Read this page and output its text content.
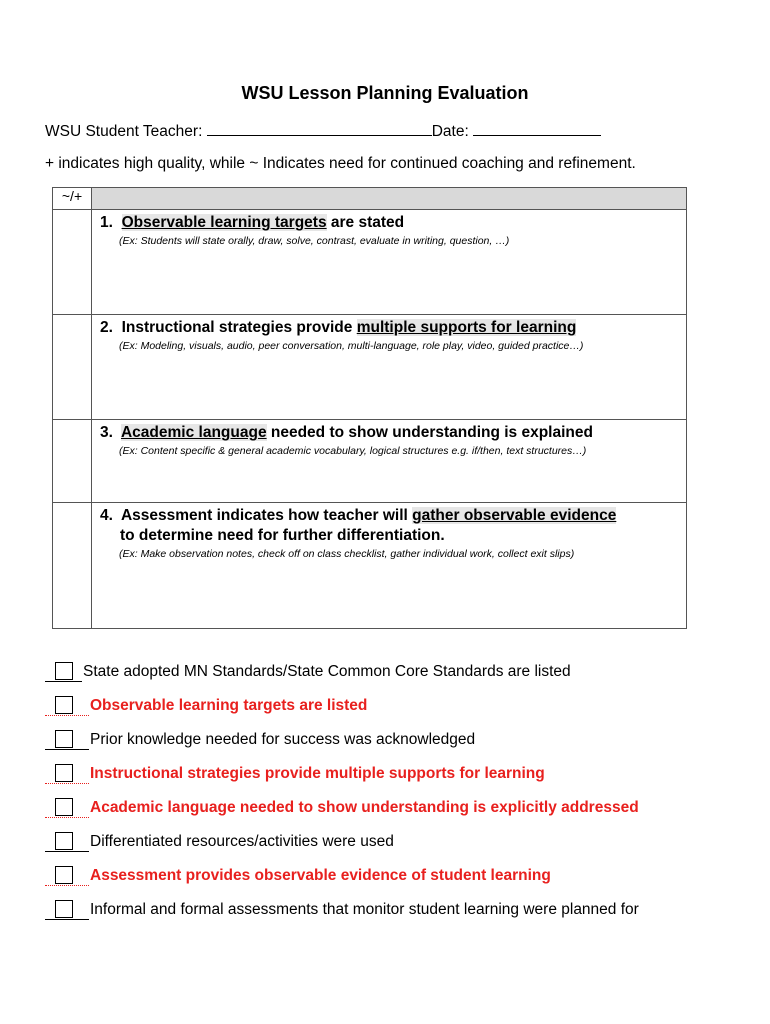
WSU Lesson Planning Evaluation
WSU Student Teacher:	Date:
+ indicates high quality, while ~ Indicates need for continued coaching and refinement.
~/+	

	1. Observable learning targets are stated
(Ex: Students will state orally, draw, solve, contrast, evaluate in writing, question, …)

	2. Instructional strategies provide multiple supports for learning
(Ex: Modeling, visuals, audio, peer conversation, multi-language, role play, video, guided practice…)

	3. Academic language needed to show understanding is explained
(Ex: Content specific & general academic vocabulary, logical structures e.g. if/then, text structures…)

	4. Assessment indicates how teacher will gather observable evidence
to determine need for further differentiation.
(Ex: Make observation notes, check off on class checklist, gather individual work, collect exit slips)
State adopted MN Standards/State Common Core Standards are listed
Observable learning targets are listed
Prior knowledge needed for success was acknowledged
Instructional strategies provide multiple supports for learning
Academic language needed to show understanding is explicitly addressed
Differentiated resources/activities were used
Assessment provides observable evidence of student learning
Informal and formal assessments that monitor student learning were planned for
